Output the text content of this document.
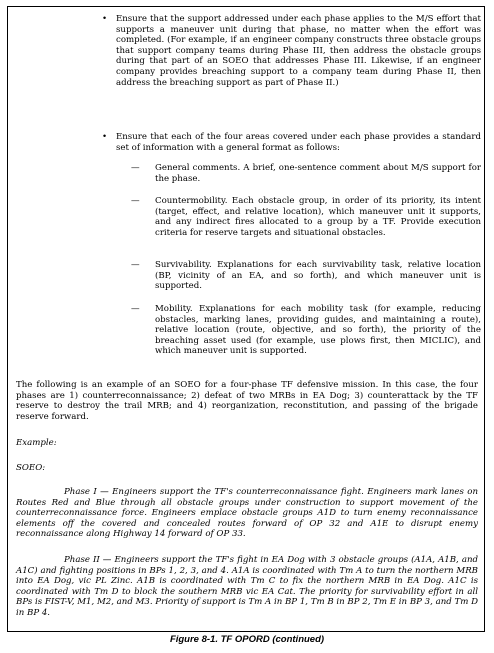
• Ensure that the support addressed under each phase applies to the M/S effort that supports a maneuver unit during that phase, no matter when the effort was completed. (For example, if an engineer company constructs three obstacle groups that support company teams during Phase III, then address the obstacle groups during that part of an SOEO that addresses Phase III. Likewise, if an engineer company provides breaching support to a company team during Phase II, then address the breaching support as part of Phase II.)
• Ensure that each of the four areas covered under each phase provides a standard set of information with a general format as follows:
— General comments. A brief, one-sentence comment about M/S support for the phase.
— Countermobility. Each obstacle group, in order of its priority, its intent (target, effect, and relative location), which maneuver unit it supports, and any indirect fires allocated to a group by a TF. Provide execution criteria for reserve targets and situational obstacles.
— Survivability. Explanations for each survivability task, relative location (BP, vicinity of an EA, and so forth), and which maneuver unit is supported.
— Mobility. Explanations for each mobility task (for example, reducing obstacles, marking lanes, providing guides, and maintaining a route), relative location (route, objective, and so forth), the priority of the breaching asset used (for example, use plows first, then MICLIC), and which maneuver unit is supported.
The following is an example of an SOEO for a four-phase TF defensive mission. In this case, the four phases are 1) counterreconnaissance; 2) defeat of two MRBs in EA Dog; 3) counterattack by the TF reserve to destroy the trail MRB; and 4) reorganization, reconstitution, and passing of the brigade reserve forward.
Example:
SOEO:
Phase I — Engineers support the TF's counterreconnaissance fight. Engineers mark lanes on Routes Red and Blue through all obstacle groups under construction to support movement of the counterreconnaissance force. Engineers emplace obstacle groups A1D to turn enemy reconnaissance elements off the covered and concealed routes forward of OP 32 and A1E to disrupt enemy reconnaissance along Highway 14 forward of OP 33.
Phase II — Engineers support the TF's fight in EA Dog with 3 obstacle groups (A1A, A1B, and A1C) and fighting positions in BPs 1, 2, 3, and 4. A1A is coordinated with Tm A to turn the northern MRB into EA Dog, vic PL Zinc. A1B is coordinated with Tm C to fix the northern MRB in EA Dog. A1C is coordinated with Tm D to block the southern MRB vic EA Cat. The priority for survivability effort in all BPs is FIST-V, M1, M2, and M3. Priority of support is Tm A in BP 1, Tm B in BP 2, Tm E in BP 3, and Tm D in BP 4.
Figure 8-1. TF OPORD (continued)
